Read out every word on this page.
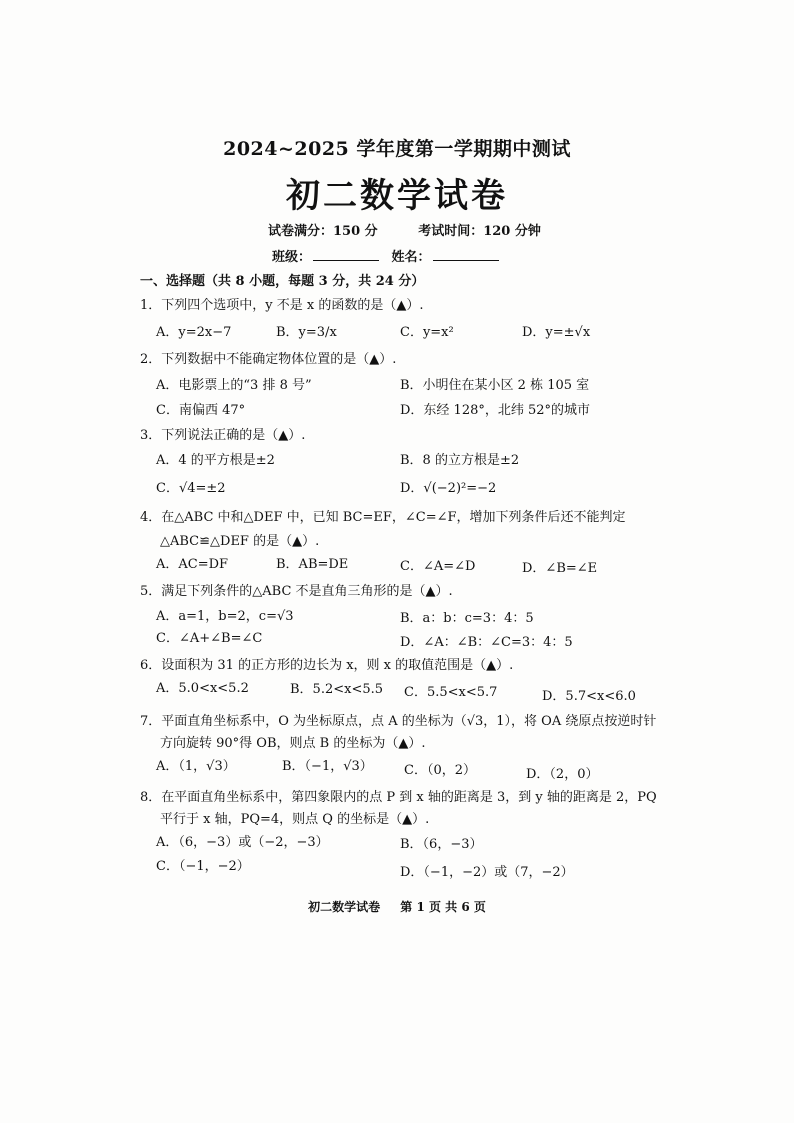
2024~2025 学年度第一学期期中测试
初二数学试卷
试卷满分：150 分	考试时间：120 分钟
班级：	姓名：
一、选择题（共 8 小题，每题 3 分，共 24 分）
1．下列四个选项中，y 不是 x 的函数的是（▲）.
A．y=2x−7	B．y=3/x	C．y=x²	D．y=±√x
2．下列数据中不能确定物体位置的是（▲）.
A．电影票上的“3 排 8 号”	B．小明住在某小区 2 栋 105 室
C．南偏西 47°	D．东经 128°，北纬 52°的城市
3．下列说法正确的是（▲）.
A．4 的平方根是±2	B．8 的立方根是±2
C．√4=±2	D．√(−2)²=−2
4．在△ABC 中和△DEF 中，已知 BC=EF，∠C=∠F，增加下列条件后还不能判定
△ABC≌△DEF 的是（▲）.
A．AC=DF	B．AB=DE	C．∠A=∠D	D．∠B=∠E
5．满足下列条件的△ABC 不是直角三角形的是（▲）.
A．a=1，b=2，c=√3	B．a：b：c=3：4：5
C．∠A+∠B=∠C	D．∠A：∠B：∠C=3：4：5
6．设面积为 31 的正方形的边长为 x，则 x 的取值范围是（▲）.
A．5.0<x<5.2	B．5.2<x<5.5 C．5.5<x<5.7	D．5.7<x<6.0
7．平面直角坐标系中，O 为坐标原点，点 A 的坐标为（√3，1），将 OA 绕原点按逆时针
方向旋转 90°得 OB，则点 B 的坐标为（▲）.
A．（1，√3）	B．（−1，√3） C．（0，2）	D．（2，0）
8．在平面直角坐标系中，第四象限内的点 P 到 x 轴的距离是 3，到 y 轴的距离是 2，PQ
平行于 x 轴，PQ=4，则点 Q 的坐标是（▲）.
A．（6，−3）或（−2，−3）	B．（6，−3）
C．（−1，−2）	D．（−1，−2）或（7，−2）
初二数学试卷 第 1 页 共 6 页
